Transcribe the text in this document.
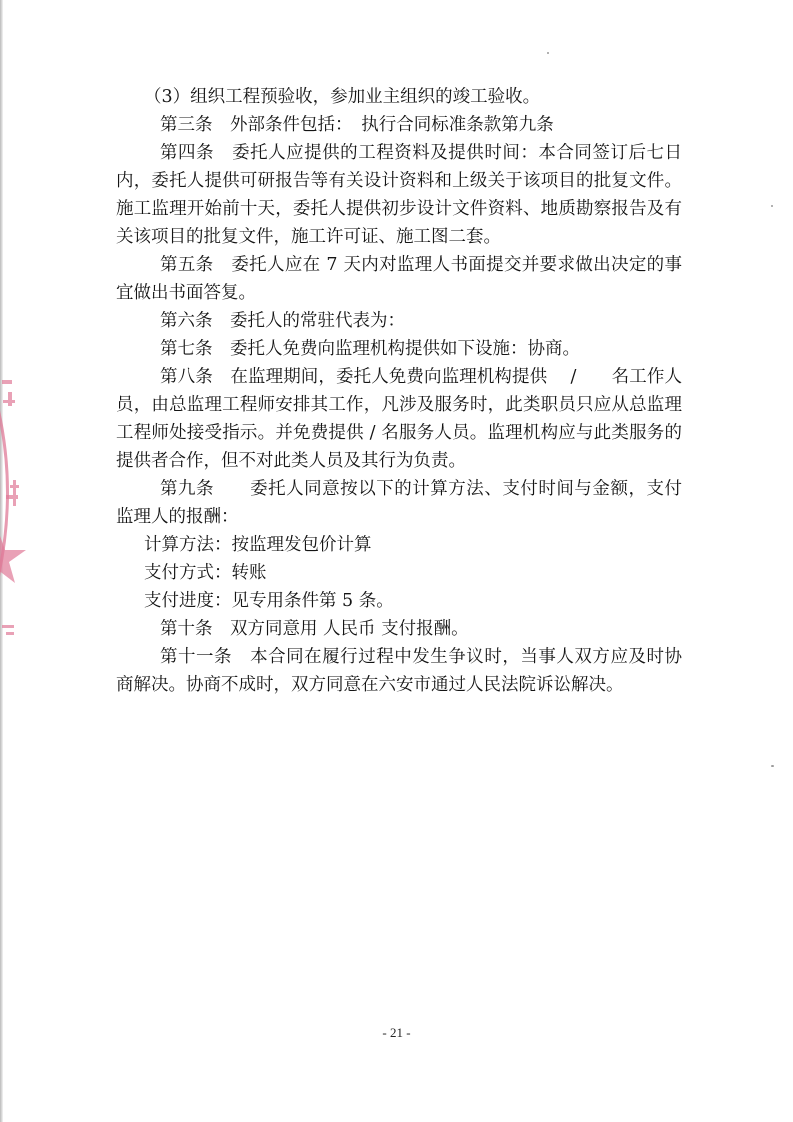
（3）组织工程预验收，参加业主组织的竣工验收。

第三条　外部条件包括：　执行合同标准条款第九条

第四条　委托人应提供的工程资料及提供时间：本合同签订后七日内，委托人提供可研报告等有关设计资料和上级关于该项目的批复文件。施工监理开始前十天，委托人提供初步设计文件资料、地质勘察报告及有关该项目的批复文件，施工许可证、施工图二套。

第五条　委托人应在 7 天内对监理人书面提交并要求做出决定的事宜做出书面答复。

第六条　委托人的常驻代表为：

第七条　委托人免费向监理机构提供如下设施：协商。

第八条　在监理期间，委托人免费向监理机构提供　 /　　名工作人员，由总监理工程师安排其工作，凡涉及服务时，此类职员只应从总监理工程师处接受指示。并免费提供 / 名服务人员。监理机构应与此类服务的提供者合作，但不对此类人员及其行为负责。

第九条　　委托人同意按以下的计算方法、支付时间与金额，支付监理人的报酬：

计算方法：按监理发包价计算

支付方式：转账

支付进度：见专用条件第 5 条。

第十条　双方同意用 人民币 支付报酬。

第十一条　本合同在履行过程中发生争议时，当事人双方应及时协商解决。协商不成时，双方同意在六安市通过人民法院诉讼解决。

- 21 -
